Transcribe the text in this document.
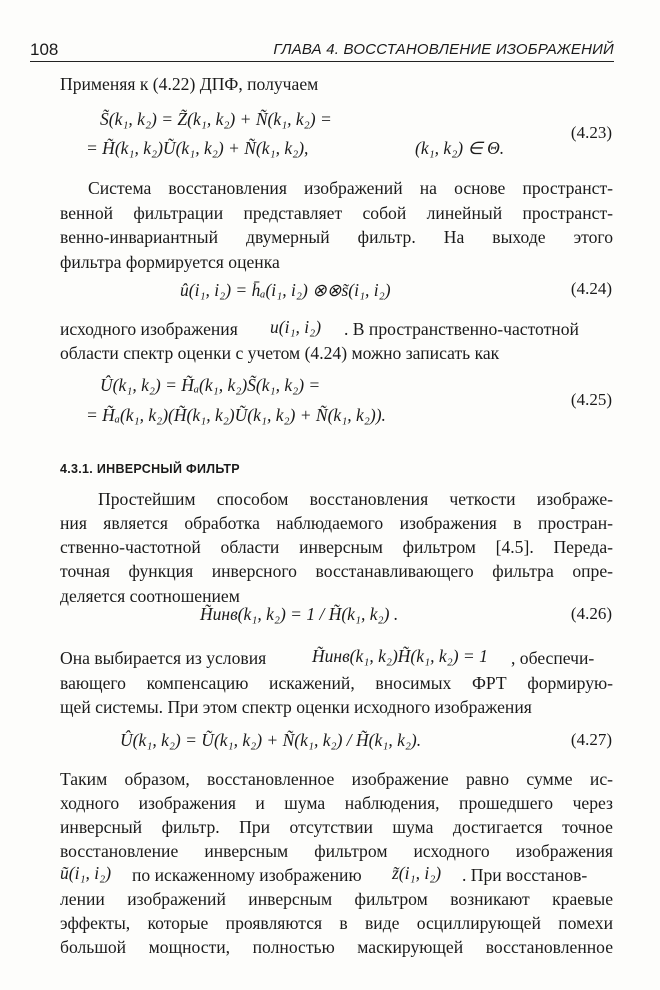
108	ГЛАВА 4. ВОССТАНОВЛЕНИЕ ИЗОБРАЖЕНИЙ
Применяя к (4.22) ДПФ, получаем
S̃(k₁, k₂) = Z̃(k₁, k₂) + Ñ(k₁, k₂) =
= H̃(k₁, k₂)Ũ(k₁, k₂) + Ñ(k₁, k₂),	(k₁, k₂) ∈ Θ.
(4.23)
Система восстановления изображений на основе пространст-
венной фильтрации представляет собой линейный пространст-
венно-инвариантный двумерный фильтр. На выходе этого
фильтра формируется оценка
û(i₁, i₂) = h̄ₐ(i₁, i₂) ⊗⊗s̃(i₁, i₂)	(4.24)
исходного изображения	u(i₁, i₂) . В пространственно-частотной
области спектр оценки с учетом (4.24) можно записать как
Û(k₁, k₂) = H̃ₐ(k₁, k₂)S̃(k₁, k₂) =
= H̃ₐ(k₁, k₂)(H̃(k₁, k₂)Ũ(k₁, k₂) + Ñ(k₁, k₂)).
(4.25)
4.3.1. ИНВЕРСНЫЙ ФИЛЬТР
Простейшим способом восстановления четкости изображе-
ния является обработка наблюдаемого изображения в простран-
ственно-частотной области инверсным фильтром [4.5]. Переда-
точная функция инверсного восстанавливающего фильтра опре-
деляется соотношением
H̃инв(k₁, k₂) = 1 / H̃(k₁, k₂) .	(4.26)
Она выбирается из условия	H̃инв(k₁, k₂)H̃(k₁, k₂) = 1 , обеспечи-
вающего компенсацию искажений, вносимых ФРТ формирую-
щей системы. При этом спектр оценки исходного изображения
Û(k₁, k₂) = Ũ(k₁, k₂) + Ñ(k₁, k₂) / H̃(k₁, k₂).	(4.27)
Таким образом, восстановленное изображение равно сумме ис-
ходного изображения и шума наблюдения, прошедшего через
инверсный фильтр. При отсутствии шума достигается точное
восстановление инверсным фильтром исходного изображения
ũ(i₁, i₂) по искаженному изображению z̃(i₁, i₂) . При восстанов-
лении изображений инверсным фильтром возникают краевые
эффекты, которые проявляются в виде осциллирующей помехи
большой мощности, полностью маскирующей восстановленное
